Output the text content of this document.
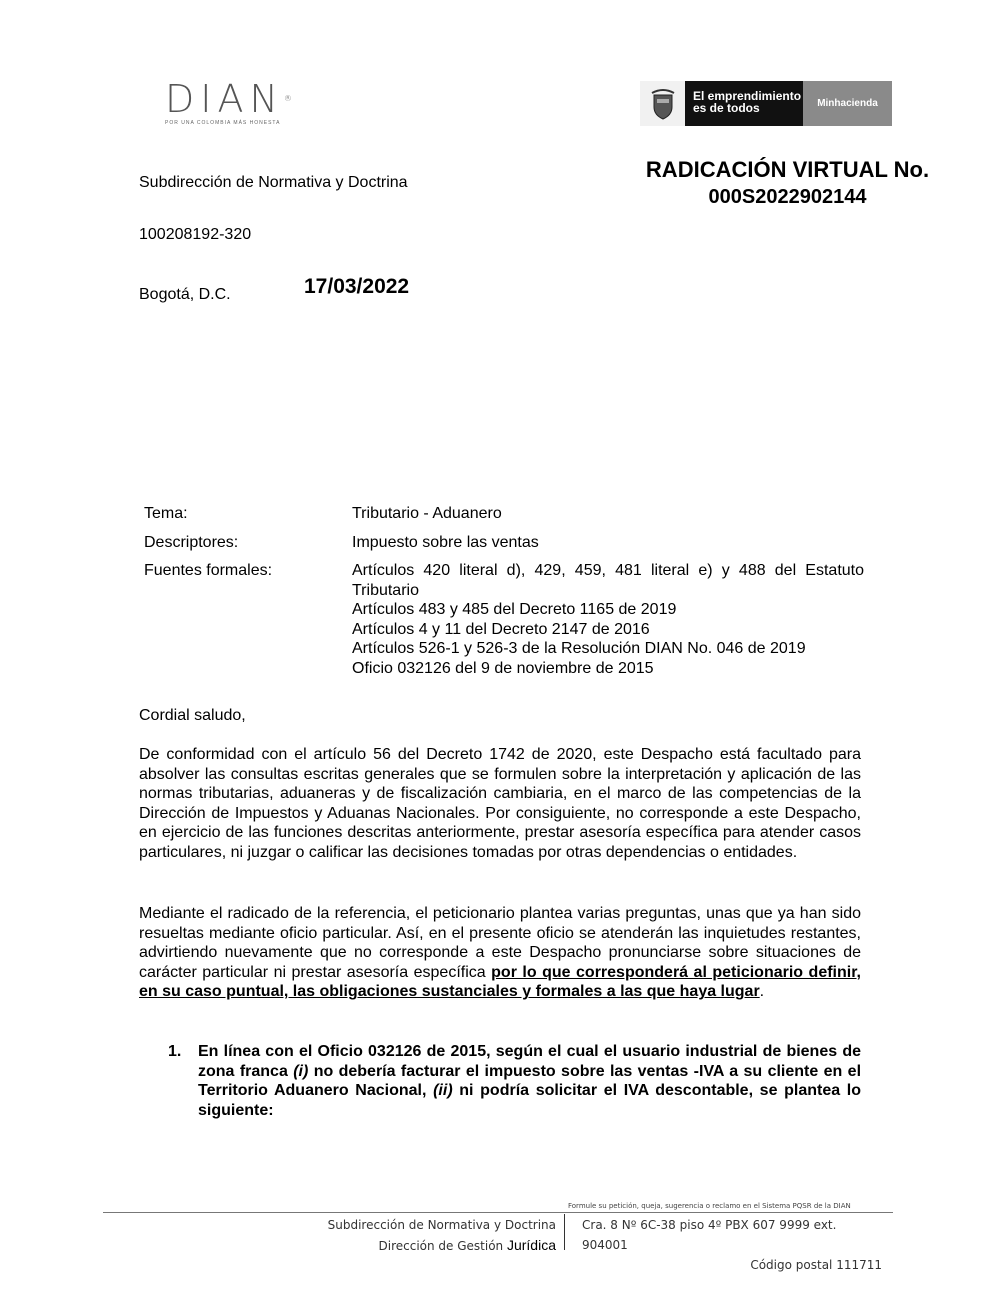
DIAN®
POR UNA COLOMBIA MÁS HONESTA
El emprendimiento
es de todos	Minhacienda
RADICACIÓN VIRTUAL No.
000S2022902144
Subdirección de Normativa y Doctrina
100208192-320
Bogotá, D.C.	17/03/2022
Tema:	Tributario - Aduanero
Descriptores:	Impuesto sobre las ventas
Fuentes formales:	Artículos 420 literal d), 429, 459, 481 literal e) y 488 del Estatuto Tributario
Artículos 483 y 485 del Decreto 1165 de 2019
Artículos 4 y 11 del Decreto 2147 de 2016
Artículos 526-1 y 526-3 de la Resolución DIAN No. 046 de 2019
Oficio 032126 del 9 de noviembre de 2015
Cordial saludo,
De conformidad con el artículo 56 del Decreto 1742 de 2020, este Despacho está facultado para absolver las consultas escritas generales que se formulen sobre la interpretación y aplicación de las normas tributarias, aduaneras y de fiscalización cambiaria, en el marco de las competencias de la Dirección de Impuestos y Aduanas Nacionales. Por consiguiente, no corresponde a este Despacho, en ejercicio de las funciones descritas anteriormente, prestar asesoría específica para atender casos particulares, ni juzgar o calificar las decisiones tomadas por otras dependencias o entidades.
Mediante el radicado de la referencia, el peticionario plantea varias preguntas, unas que ya han sido resueltas mediante oficio particular. Así, en el presente oficio se atenderán las inquietudes restantes, advirtiendo nuevamente que no corresponde a este Despacho pronunciarse sobre situaciones de carácter particular ni prestar asesoría específica por lo que corresponderá al peticionario definir, en su caso puntual, las obligaciones sustanciales y formales a las que haya lugar.
1.	En línea con el Oficio 032126 de 2015, según el cual el usuario industrial de bienes de zona franca (i) no debería facturar el impuesto sobre las ventas -IVA a su cliente en el Territorio Aduanero Nacional, (ii) ni podría solicitar el IVA descontable, se plantea lo siguiente:
Formule su petición, queja, sugerencia o reclamo en el Sistema PQSR de la DIAN
Subdirección de Normativa y Doctrina
Dirección de Gestión Jurídica
Cra. 8 Nº 6C-38 piso 4º PBX 607 9999 ext. 904001
Código postal 111711
